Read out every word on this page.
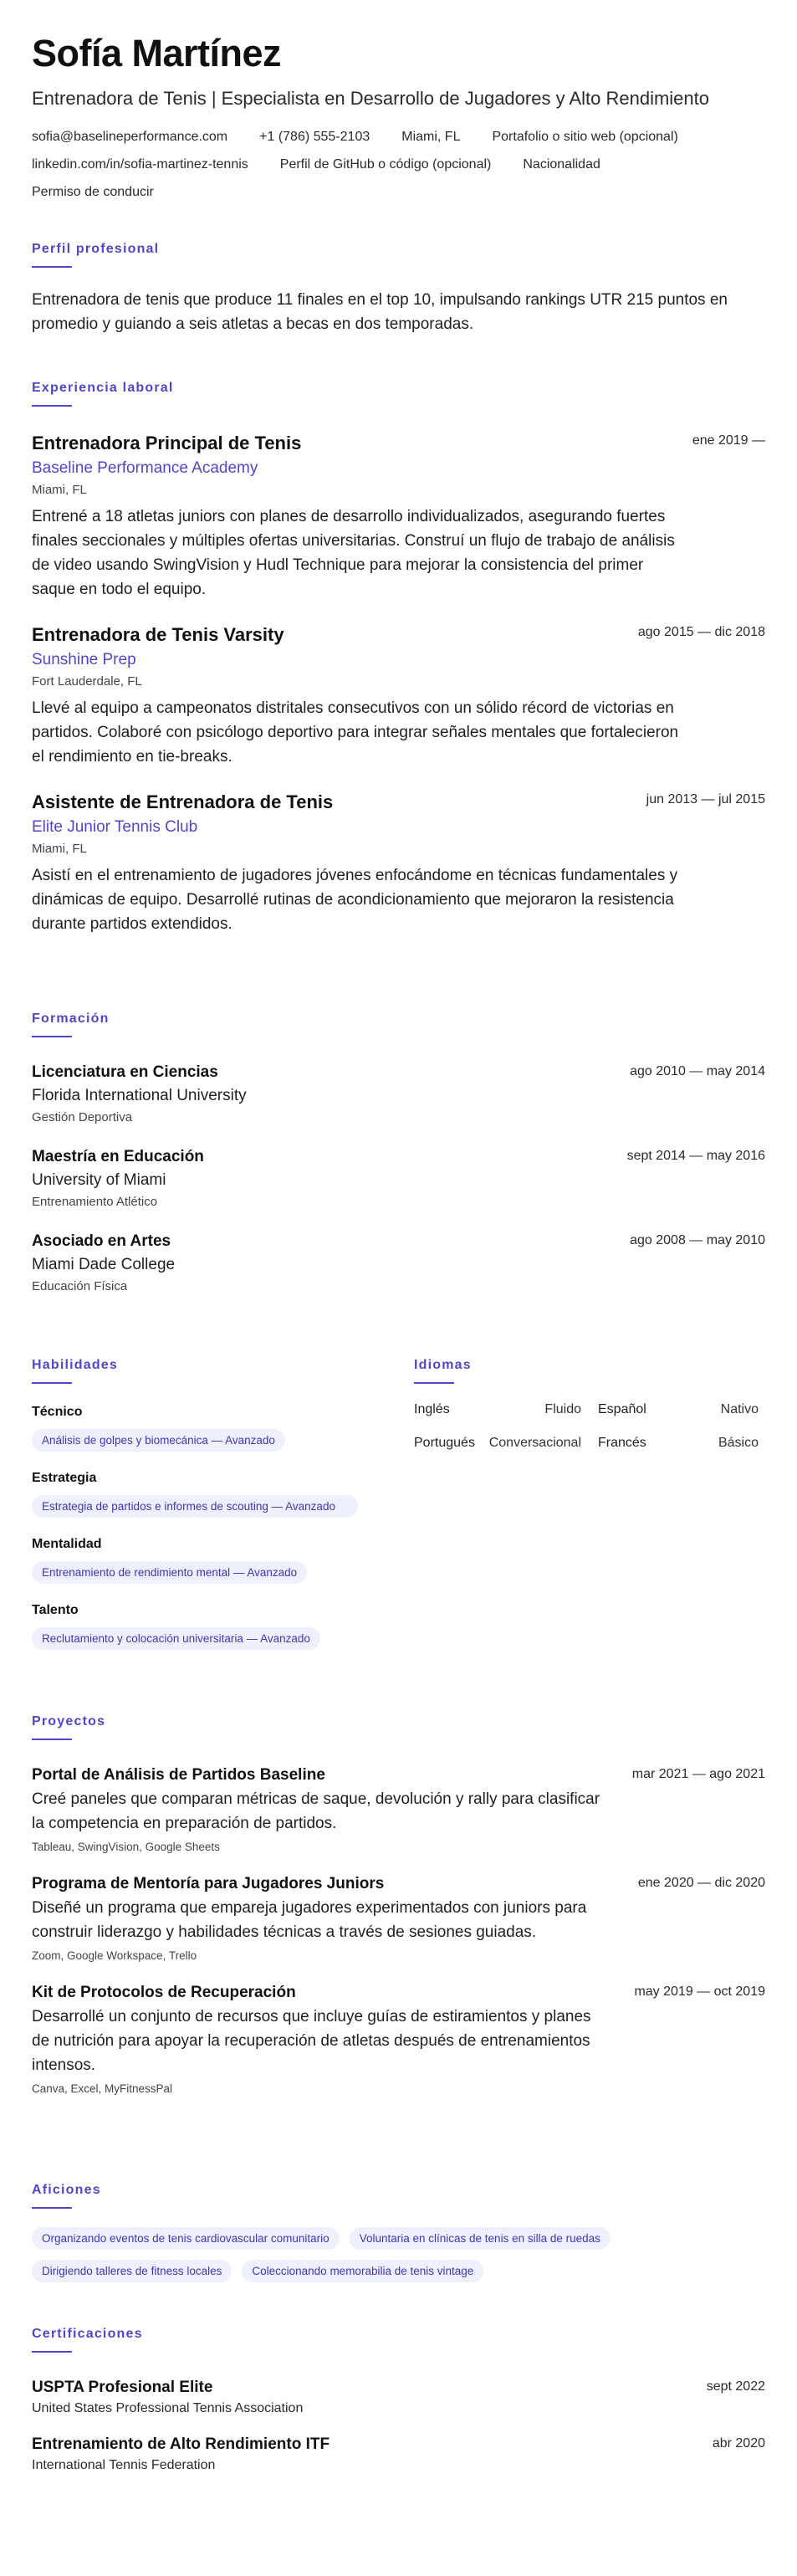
Sofía Martínez
Entrenadora de Tenis | Especialista en Desarrollo de Jugadores y Alto Rendimiento
sofia@baselineperformance.com +1 (786) 555-2103 Miami, FL Portafolio o sitio web (opcional)
linkedin.com/in/sofia-martinez-tennis Perfil de GitHub o código (opcional) Nacionalidad
Permiso de conducir
Perfil profesional
Entrenadora de tenis que produce 11 finales en el top 10, impulsando rankings UTR 215 puntos en promedio y guiando a seis atletas a becas en dos temporadas.
Experiencia laboral
Entrenadora Principal de Tenis	ene 2019 —
Baseline Performance Academy
Miami, FL
Entrené a 18 atletas juniors con planes de desarrollo individualizados, asegurando fuertes finales seccionales y múltiples ofertas universitarias. Construí un flujo de trabajo de análisis de video usando SwingVision y Hudl Technique para mejorar la consistencia del primer saque en todo el equipo.
Entrenadora de Tenis Varsity	ago 2015 — dic 2018
Sunshine Prep
Fort Lauderdale, FL
Llevé al equipo a campeonatos distritales consecutivos con un sólido récord de victorias en partidos. Colaboré con psicólogo deportivo para integrar señales mentales que fortalecieron el rendimiento en tie-breaks.
Asistente de Entrenadora de Tenis	jun 2013 — jul 2015
Elite Junior Tennis Club
Miami, FL
Asistí en el entrenamiento de jugadores jóvenes enfocándome en técnicas fundamentales y dinámicas de equipo. Desarrollé rutinas de acondicionamiento que mejoraron la resistencia durante partidos extendidos.
Formación
Licenciatura en Ciencias	ago 2010 — may 2014
Florida International University
Gestión Deportiva
Maestría en Educación	sept 2014 — may 2016
University of Miami
Entrenamiento Atlético
Asociado en Artes	ago 2008 — may 2010
Miami Dade College
Educación Física
Habilidades
Técnico
Análisis de golpes y biomecánica — Avanzado
Estrategia
Estrategia de partidos e informes de scouting — Avanzado
Mentalidad
Entrenamiento de rendimiento mental — Avanzado
Talento
Reclutamiento y colocación universitaria — Avanzado
Idiomas
Inglés	Fluido	Español	Nativo
Portugués	Conversacional	Francés	Básico
Proyectos
Portal de Análisis de Partidos Baseline	mar 2021 — ago 2021
Creé paneles que comparan métricas de saque, devolución y rally para clasificar la competencia en preparación de partidos.
Tableau, SwingVision, Google Sheets
Programa de Mentoría para Jugadores Juniors	ene 2020 — dic 2020
Diseñé un programa que empareja jugadores experimentados con juniors para construir liderazgo y habilidades técnicas a través de sesiones guiadas.
Zoom, Google Workspace, Trello
Kit de Protocolos de Recuperación	may 2019 — oct 2019
Desarrollé un conjunto de recursos que incluye guías de estiramientos y planes de nutrición para apoyar la recuperación de atletas después de entrenamientos intensos.
Canva, Excel, MyFitnessPal
Aficiones
Organizando eventos de tenis cardiovascular comunitario	Voluntaria en clínicas de tenis en silla de ruedas
Dirigiendo talleres de fitness locales	Coleccionando memorabilia de tenis vintage
Certificaciones
USPTA Profesional Elite	sept 2022
United States Professional Tennis Association
Entrenamiento de Alto Rendimiento ITF	abr 2020
International Tennis Federation
